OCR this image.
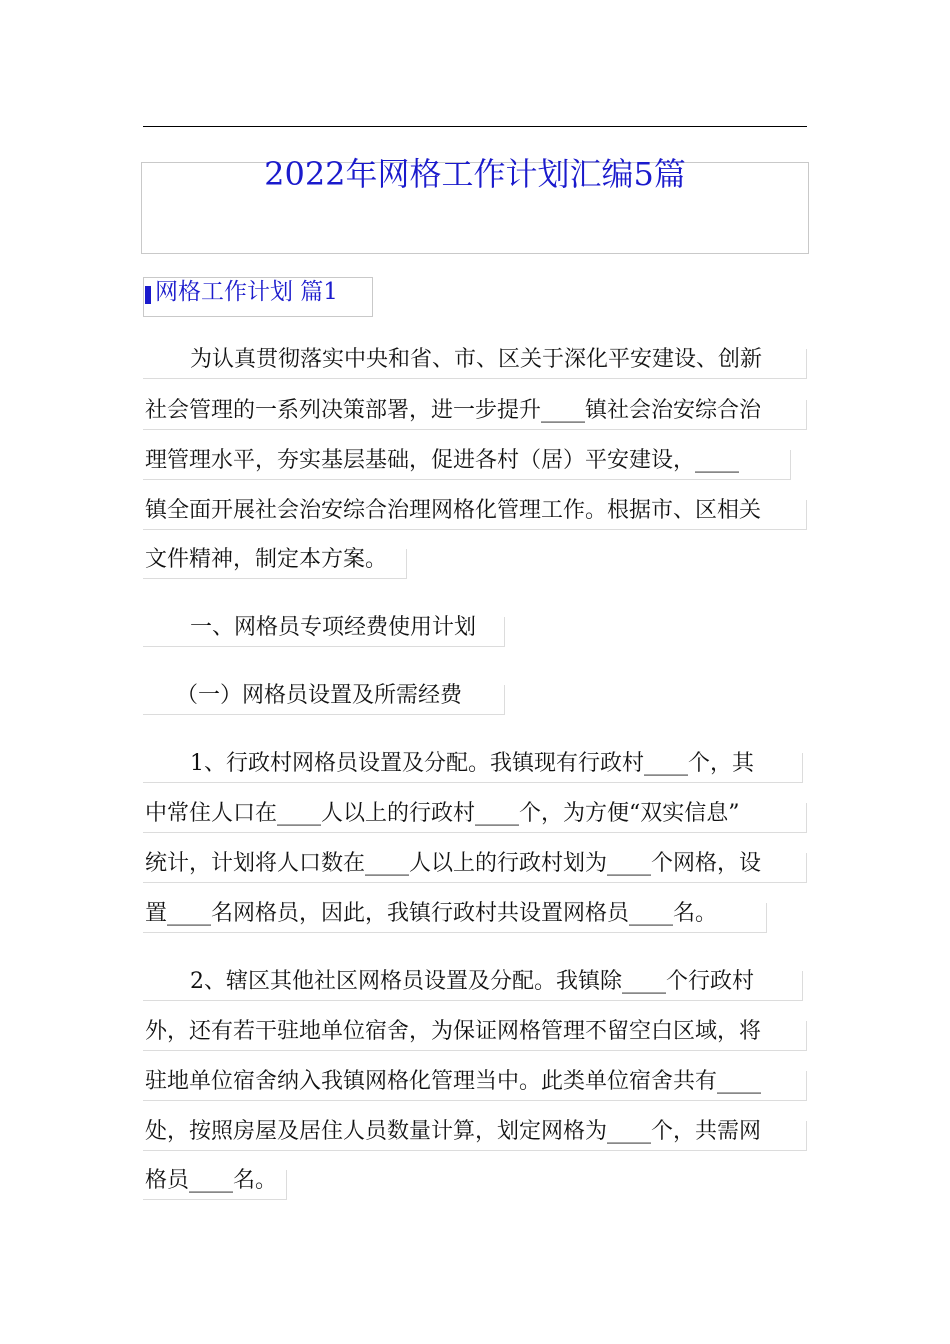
2022年网格工作计划汇编5篇
网格工作计划 篇1
为认真贯彻落实中央和省、市、区关于深化平安建设、创新
社会管理的一系列决策部署，进一步提升____镇社会治安综合治
理管理水平，夯实基层基础，促进各村（居）平安建设，____
镇全面开展社会治安综合治理网格化管理工作。根据市、区相关
文件精神，制定本方案。
一、网格员专项经费使用计划
（一）网格员设置及所需经费
1、行政村网格员设置及分配。我镇现有行政村____个，其
中常住人口在____人以上的行政村____个，为方便“双实信息”
统计，计划将人口数在____人以上的行政村划为____个网格，设
置____名网格员，因此，我镇行政村共设置网格员____名。
2、辖区其他社区网格员设置及分配。我镇除____个行政村
外，还有若干驻地单位宿舍，为保证网格管理不留空白区域，将
驻地单位宿舍纳入我镇网格化管理当中。此类单位宿舍共有____
处，按照房屋及居住人员数量计算，划定网格为____个，共需网
格员____名。
